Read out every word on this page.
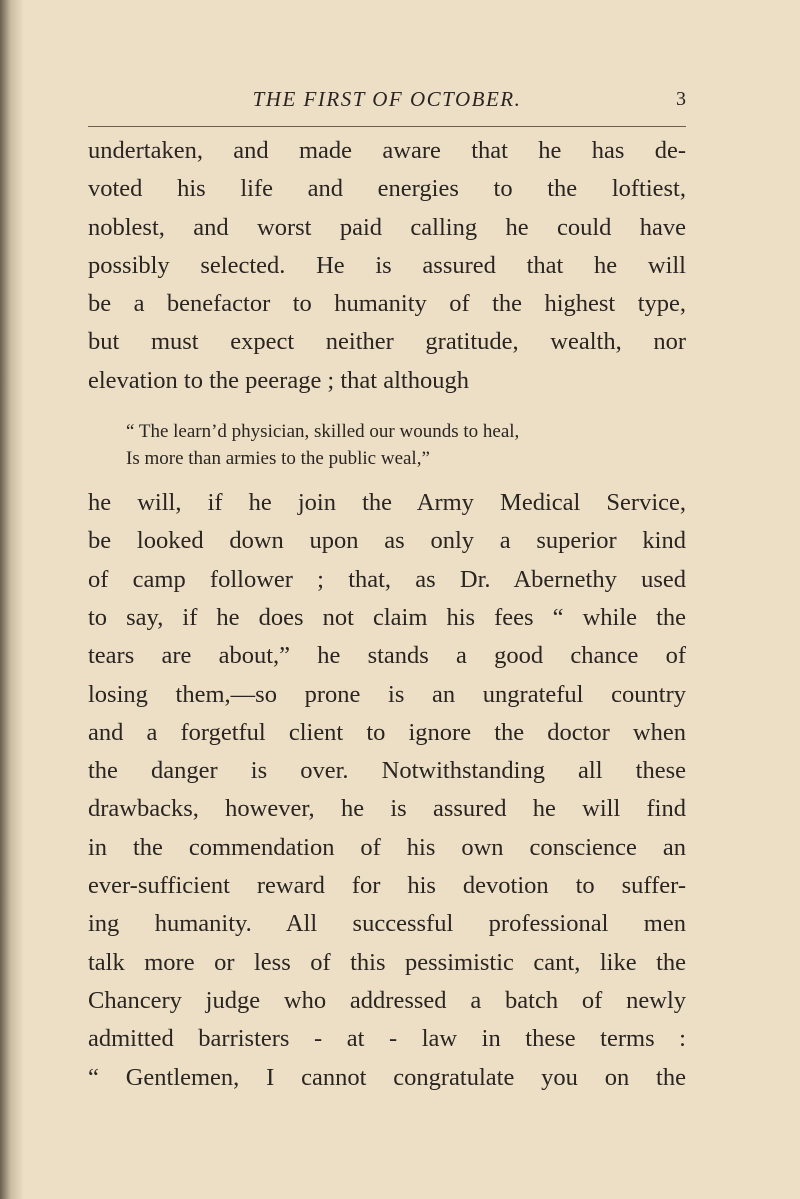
THE FIRST OF OCTOBER.	3
undertaken, and made aware that he has de-
voted his life and energies to the loftiest,
noblest, and worst paid calling he could have
possibly selected. He is assured that he will
be a benefactor to humanity of the highest type,
but must expect neither gratitude, wealth, nor
elevation to the peerage ; that although
“ The learn’d physician, skilled our wounds to heal,
Is more than armies to the public weal,”
he will, if he join the Army Medical Service,
be looked down upon as only a superior kind
of camp follower ; that, as Dr. Abernethy used
to say, if he does not claim his fees “ while the
tears are about,” he stands a good chance of
losing them,—so prone is an ungrateful country
and a forgetful client to ignore the doctor when
the danger is over. Notwithstanding all these
drawbacks, however, he is assured he will find
in the commendation of his own conscience an
ever-sufficient reward for his devotion to suffer-
ing humanity. All successful professional men
talk more or less of this pessimistic cant, like the
Chancery judge who addressed a batch of newly
admitted barristers - at - law in these terms :
“ Gentlemen, I cannot congratulate you on the
